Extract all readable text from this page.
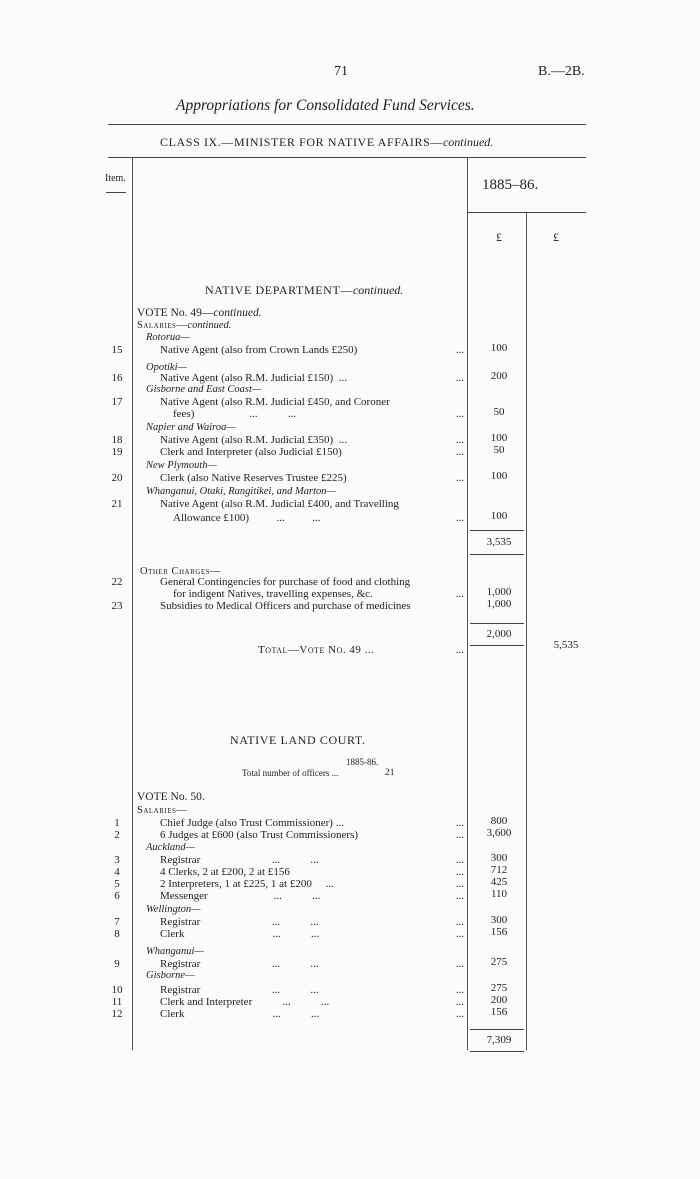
71	B.—2B.
Appropriations for Consolidated Fund Services.
CLASS IX.—MINISTER FOR NATIVE AFFAIRS—continued.
Item.	1885–86.
£	£
NATIVE DEPARTMENT—continued.
VOTE No. 49—continued.
Salaries—continued.
Rotorua—
15	Native Agent (also from Crown Lands £250)	...	100
Opotiki—
16	Native Agent (also R.M. Judicial £150)  ...	...	200
Gisborne and East Coast—
17	Native Agent (also R.M. Judicial £450, and Coroner
fees)                    ...           ...	...	50
Napier and Wairoa—
18	Native Agent (also R.M. Judicial £350)  ...	...	100
19	Clerk and Interpreter (also Judicial £150)	...	50
New Plymouth—
20	Clerk (also Native Reserves Trustee £225)	...	100
Whanganui, Otaki, Rangitikei, and Marton—
21	Native Agent (also R.M. Judicial £400, and Travelling
Allowance £100)          ...          ...	...	100
3,535
Other Charges—
22	General Contingencies for purchase of food and clothing
for indigent Natives, travelling expenses, &c.	...	1,000
23	Subsidies to Medical Officers and purchase of medicines	1,000
2,000
Total—Vote No. 49 ...	...	5,535
NATIVE LAND COURT.
1885-86.
Total number of officers ...	21
VOTE No. 50.
Salaries—
1	Chief Judge (also Trust Commissioner) ...	...	800
2	6 Judges at £600 (also Trust Commissioners)	...	3,600
Auckland—
3	Registrar                          ...           ...	...	300
4	4 Clerks, 2 at £200, 2 at £156	...	712
5	2 Interpreters, 1 at £225, 1 at £200     ...	...	425
6	Messenger                        ...           ...	...	110
Wellington—
7	Registrar                          ...           ...	...	300
8	Clerk                                ...           ...	...	156
Whanganui—
9	Registrar                          ...           ...	...	275
Gisborne—
10	Registrar                          ...           ...	...	275
11	Clerk and Interpreter           ...           ...	...	200
12	Clerk                                ...           ...	...	156
7,309
